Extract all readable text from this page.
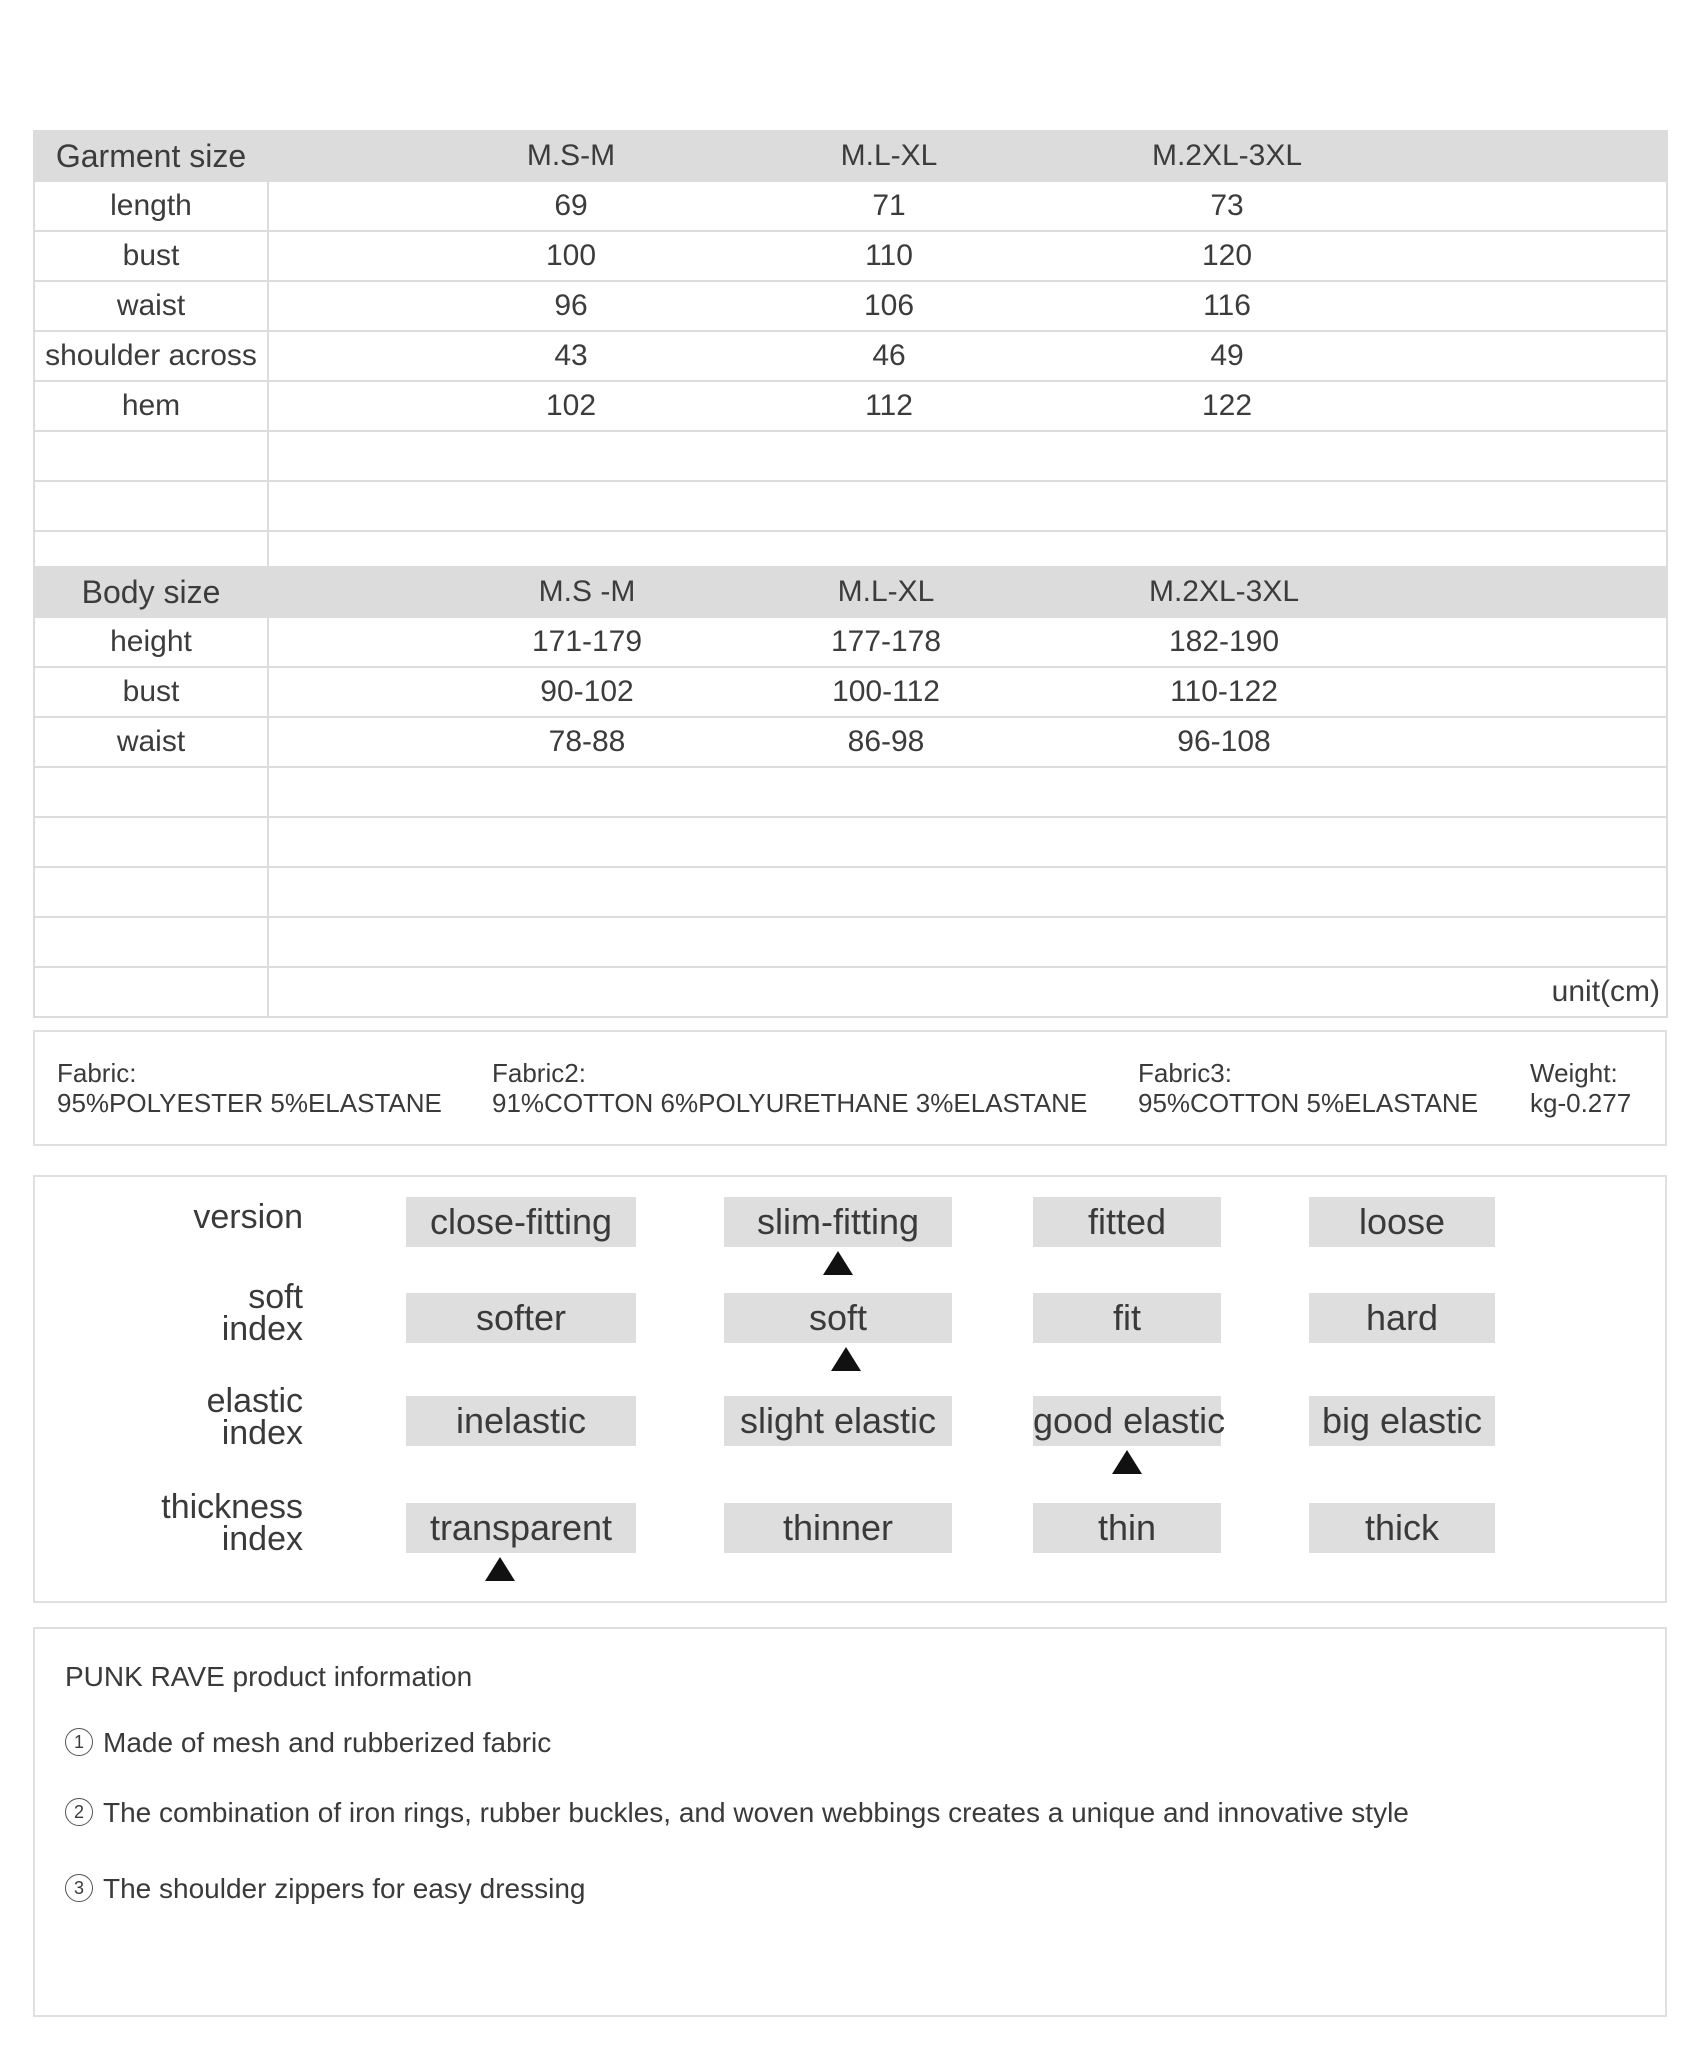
Garment size	M.S-M M.L-XL M.2XL-3XL

length	69 71 73

bust	100 110 120

waist	96 106 116

shoulder across	43 46 49

hem	102 112 122

Body size	M.S -M M.L-XL M.2XL-3XL

height	171-179 177-178 182-190

bust	90-102 100-112 110-122

waist	78-88 86-98 96-108

	unit(cm)
Fabric:
95%POLYESTER 5%ELASTANE
Fabric2:
91%COTTON 6%POLYURETHANE 3%ELASTANE
Fabric3:
95%COTTON 5%ELASTANE
Weight:
kg-0.277
version	close-fitting	slim-fitting	fitted	loose
soft
index	softer	soft	fit	hard
elastic
index	inelastic	slight elastic	good elastic	big elastic
thickness
index	transparent	thinner	thin	thick
PUNK RAVE product information
1 Made of mesh and rubberized fabric
2 The combination of iron rings, rubber buckles, and woven webbings creates a unique and innovative style
3 The shoulder zippers for easy dressing
